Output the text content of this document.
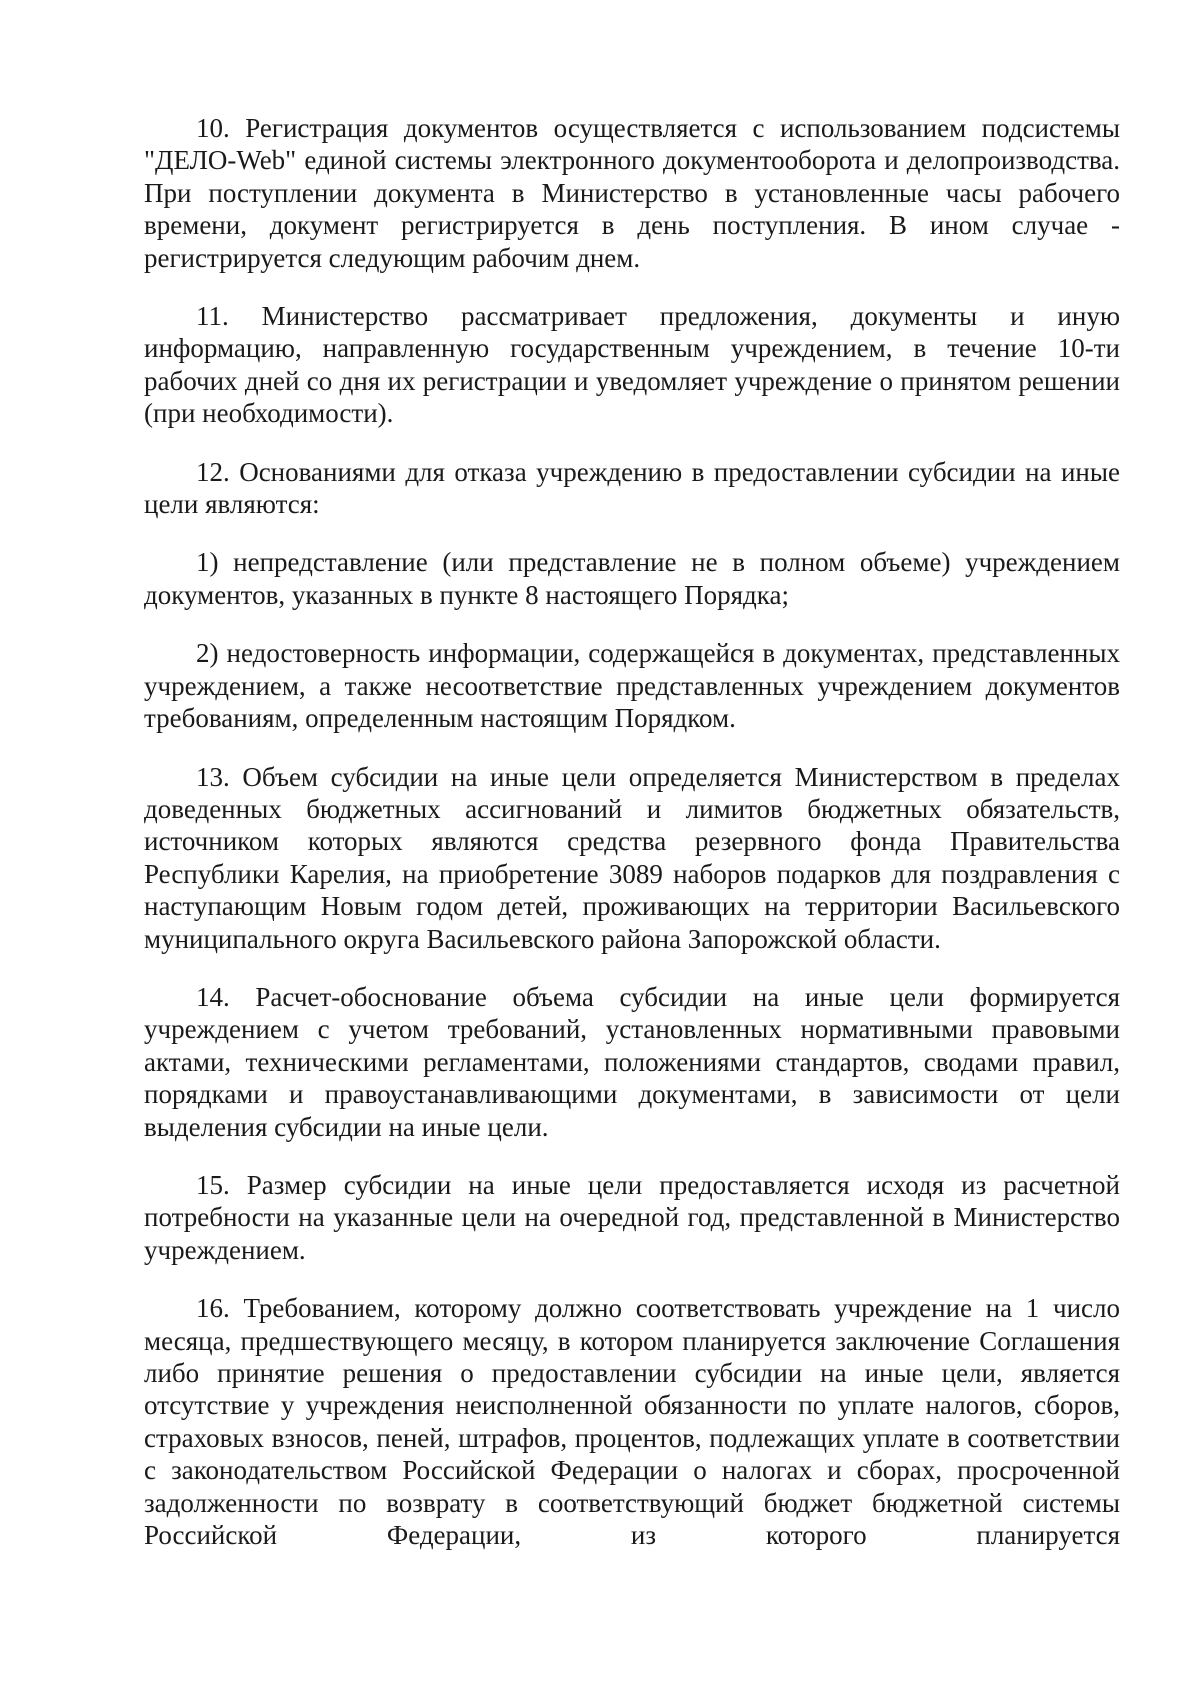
10. Регистрация документов осуществляется с использованием подсистемы "ДЕЛО-Web" единой системы электронного документооборота и делопроизводства. При поступлении документа в Министерство в установленные часы рабочего времени, документ регистрируется в день поступления. В ином случае - регистрируется следующим рабочим днем.

11. Министерство рассматривает предложения, документы и иную информацию, направленную государственным учреждением, в течение 10-ти рабочих дней со дня их регистрации и уведомляет учреждение о принятом решении (при необходимости).

12. Основаниями для отказа учреждению в предоставлении субсидии на иные цели являются:

1) непредставление (или представление не в полном объеме) учреждением документов, указанных в пункте 8 настоящего Порядка;

2) недостоверность информации, содержащейся в документах, представленных учреждением, а также несоответствие представленных учреждением документов требованиям, определенным настоящим Порядком.

13. Объем субсидии на иные цели определяется Министерством в пределах доведенных бюджетных ассигнований и лимитов бюджетных обязательств, источником которых являются средства резервного фонда Правительства Республики Карелия, на приобретение 3089 наборов подарков для поздравления с наступающим Новым годом детей, проживающих на территории Васильевского муниципального округа Васильевского района Запорожской области.

14. Расчет-обоснование объема субсидии на иные цели формируется учреждением с учетом требований, установленных нормативными правовыми актами, техническими регламентами, положениями стандартов, сводами правил, порядками и правоустанавливающими документами, в зависимости от цели выделения субсидии на иные цели.

15. Размер субсидии на иные цели предоставляется исходя из расчетной потребности на указанные цели на очередной год, представленной в Министерство учреждением.

16. Требованием, которому должно соответствовать учреждение на 1 число месяца, предшествующего месяцу, в котором планируется заключение Соглашения либо принятие решения о предоставлении субсидии на иные цели, является отсутствие у учреждения неисполненной обязанности по уплате налогов, сборов, страховых взносов, пеней, штрафов, процентов, подлежащих уплате в соответствии с законодательством Российской Федерации о налогах и сборах, просроченной задолженности по возврату в соответствующий бюджет бюджетной системы Российской Федерации, из которого планируется
